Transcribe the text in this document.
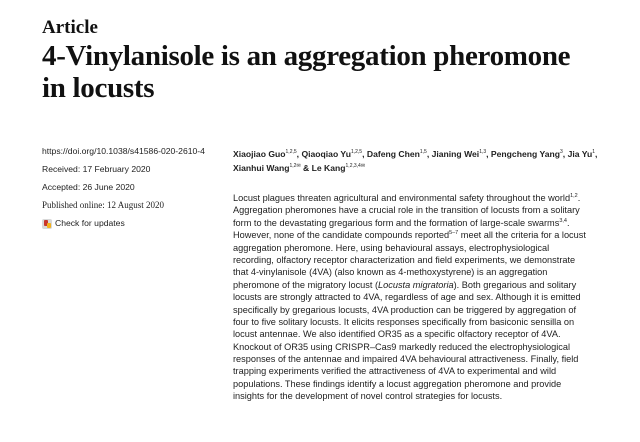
Article
4-Vinylanisole is an aggregation pheromone
in locusts
https://doi.org/10.1038/s41586-020-2610-4
Received: 17 February 2020
Accepted: 26 June 2020
Published online: 12 August 2020
Check for updates

Xiaojiao Guo$^{1,2,5}$, Qiaoqiao Yu$^{1,2,5}$, Dafeng Chen$^{1,5}$, Jianing Wei$^{1,3}$, Pengcheng Yang$^3$, Jia Yu$^1$,
Xianhui Wang$^{1,2✉}$ & Le Kang$^{1,2,3,4✉}$

Locust plagues threaten agricultural and environmental safety throughout the world$^{1,2}$.
Aggregation pheromones have a crucial role in the transition of locusts from a solitary
form to the devastating gregarious form and the formation of large-scale swarms$^{3,4}$.
However, none of the candidate compounds reported$^{5-7}$ meet all the criteria for a locust
aggregation pheromone. Here, using behavioural assays, electrophysiological
recording, olfactory receptor characterization and field experiments, we demonstrate
that 4-vinylanisole (4VA) (also known as 4-methoxystyrene) is an aggregation
pheromone of the migratory locust (Locusta migratoria). Both gregarious and solitary
locusts are strongly attracted to 4VA, regardless of age and sex. Although it is emitted
specifically by gregarious locusts, 4VA production can be triggered by aggregation of
four to five solitary locusts. It elicits responses specifically from basiconic sensilla on
locust antennae. We also identified OR35 as a specific olfactory receptor of 4VA.
Knockout of OR35 using CRISPR–Cas9 markedly reduced the electrophysiological
responses of the antennae and impaired 4VA behavioural attractiveness. Finally, field
trapping experiments verified the attractiveness of 4VA to experimental and wild
populations. These findings identify a locust aggregation pheromone and provide
insights for the development of novel control strategies for locusts.
